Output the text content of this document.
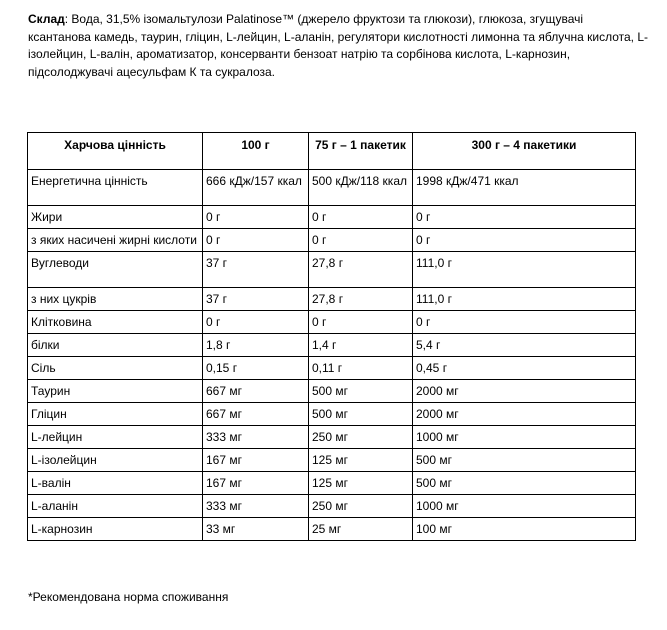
Склад: Вода, 31,5% ізомальтулози Palatinose™ (джерело фруктози та глюкози), глюкоза, згущувачі ксантанова камедь, таурин, гліцин, L-лейцин, L-аланін, регулятори кислотності лимонна та яблучна кислота, L-ізолейцин, L-валін, ароматизатор, консерванти бензоат натрію та сорбінова кислота, L-карнозин, підсолоджувачі ацесульфам К та сукралоза.
Харчова цінність	100 г	75 г – 1 пакетик	300 г – 4 пакетики
Енергетична цінність	666 кДж/157 ккал	500 кДж/118 ккал	1998 кДж/471 ккал
Жири	0 г	0 г	0 г
з яких насичені жирні кислоти	0 г	0 г	0 г
Вуглеводи	37 г	27,8 г	111,0 г
з них цукрів	37 г	27,8 г	111,0 г
Клітковина	0 г	0 г	0 г
білки	1,8 г	1,4 г	5,4 г
Сіль	0,15 г	0,11 г	0,45 г
Таурин	667 мг	500 мг	2000 мг
Гліцин	667 мг	500 мг	2000 мг
L-лейцин	333 мг	250 мг	1000 мг
L-ізолейцин	167 мг	125 мг	500 мг
L-валін	167 мг	125 мг	500 мг
L-аланін	333 мг	250 мг	1000 мг
L-карнозин	33 мг	25 мг	100 мг
*Рекомендована норма споживання
